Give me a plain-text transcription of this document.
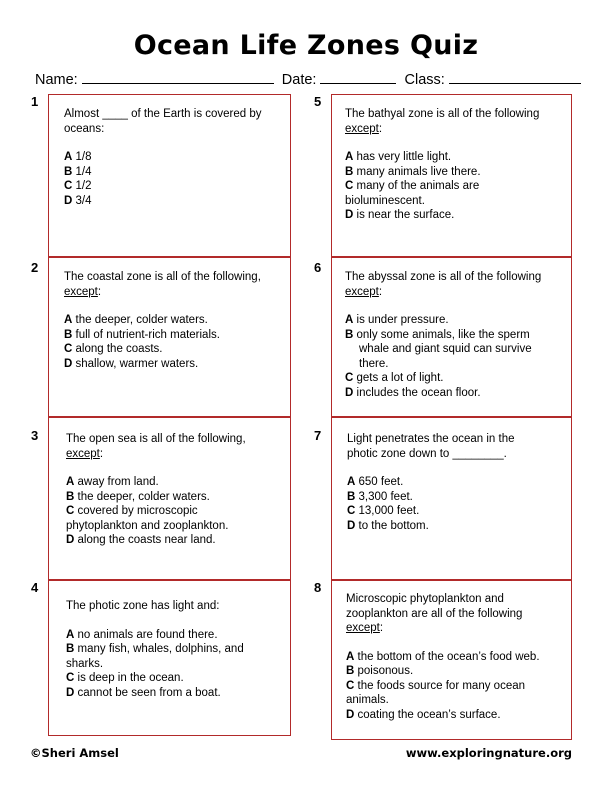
Ocean Life Zones Quiz
Name:	Date:	Class:
1

Almost ____ of the Earth is covered by oceans:

A 1/8

B 1/4

C 1/2

D 3/4

2

The coastal zone is all of the following,
except:

A the deeper, colder waters.

B full of nutrient-rich materials.

C along the coasts.

D shallow, warmer waters.

3 The open sea is all of the following,
except:

A away from land.

B the deeper, colder waters.

C covered by microscopic
phytoplankton and zooplankton.

D along the coasts near land.

4

The photic zone has light and:

A no animals are found there.

B many fish, whales, dolphins, and
sharks.

C is deep in the ocean.

D cannot be seen from a boat.

5

The bathyal zone is all of the following
except:

A has very little light.

B many animals live there.

C many of the animals are
bioluminescent.

D is near the surface.

6

The abyssal zone is all of the following
except:

A is under pressure.

B only some animals, like the sperm
whale and giant squid can survive
there.

C gets a lot of light.

D includes the ocean floor.

7 Light penetrates the ocean in the photic zone down to ________.

A 650 feet.

B 3,300 feet.

C 13,000 feet.

D to the bottom.

8

Microscopic phytoplankton and zooplankton are all of the following
except:

A the bottom of the ocean’s food web.

B poisonous.

C the foods source for many ocean
animals.

D coating the ocean’s surface.

©Sheri Amsel	www.exploringnature.org
